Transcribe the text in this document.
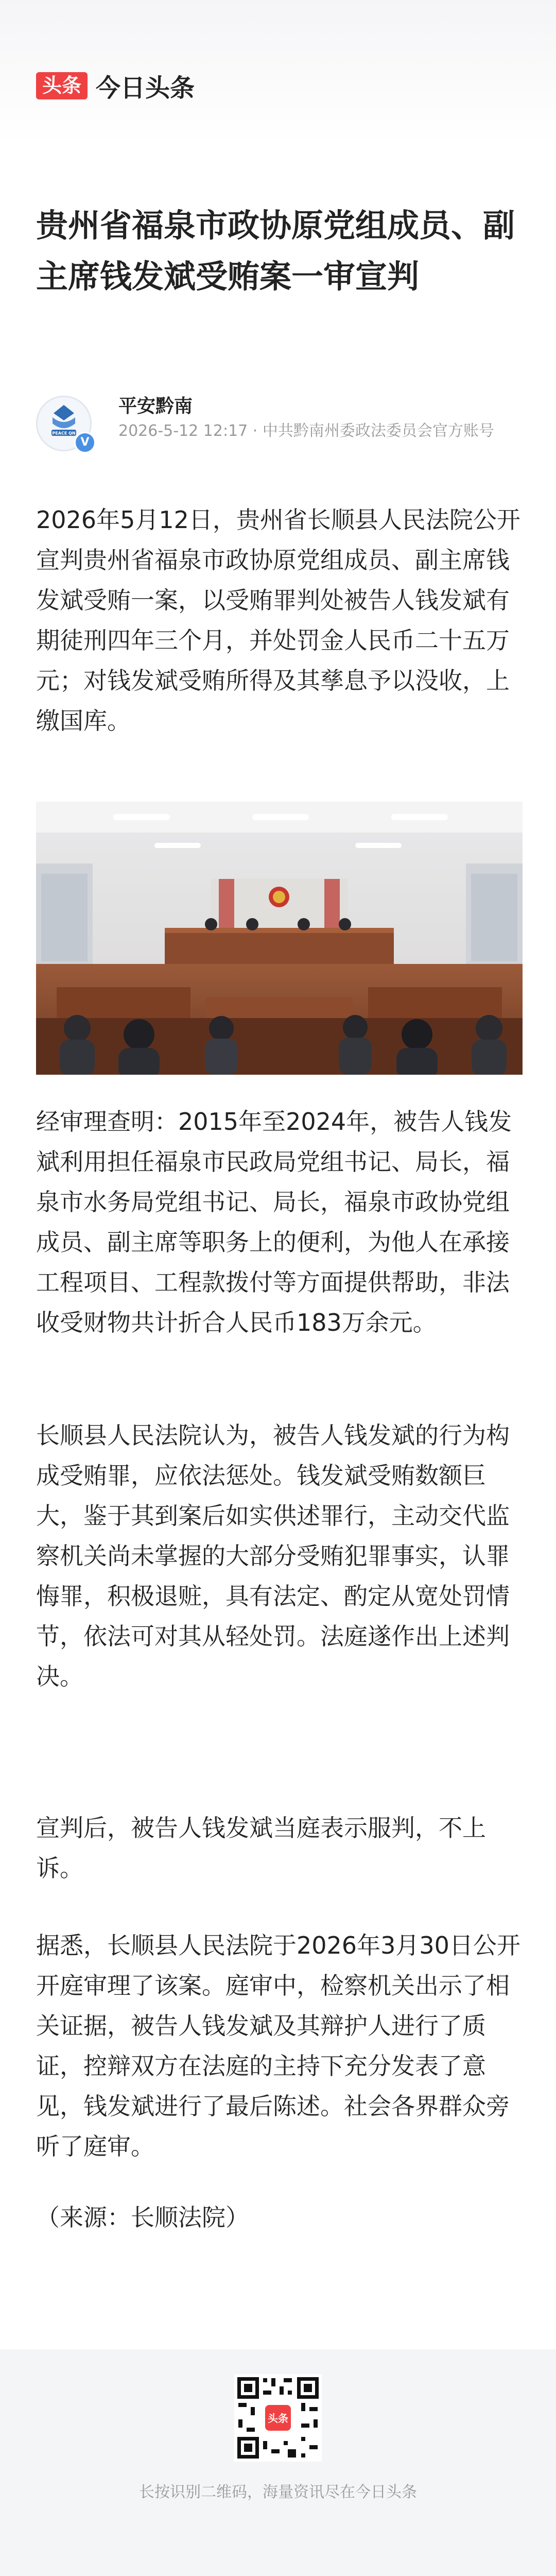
头条 今日头条
贵州省福泉市政协原党组成员、副主席钱发斌受贿案一审宣判
PEACE QN
V
平安黔南
2026-5-12 12:17 · 中共黔南州委政法委员会官方账号

2026年5月12日，贵州省长顺县人民法院公开宣判贵州省福泉市政协原党组成员、副主席钱发斌受贿一案，以受贿罪判处被告人钱发斌有期徒刑四年三个月，并处罚金人民币二十五万元；对钱发斌受贿所得及其孳息予以没收，上缴国库。

经审理查明：2015年至2024年，被告人钱发斌利用担任福泉市民政局党组书记、局长，福泉市水务局党组书记、局长，福泉市政协党组成员、副主席等职务上的便利，为他人在承接工程项目、工程款拨付等方面提供帮助，非法收受财物共计折合人民币183万余元。

长顺县人民法院认为，被告人钱发斌的行为构成受贿罪，应依法惩处。钱发斌受贿数额巨大，鉴于其到案后如实供述罪行，主动交代监察机关尚未掌握的大部分受贿犯罪事实，认罪悔罪，积极退赃，具有法定、酌定从宽处罚情节，依法可对其从轻处罚。法庭遂作出上述判决。

宣判后，被告人钱发斌当庭表示服判，不上诉。

据悉，长顺县人民法院于2026年3月30日公开开庭审理了该案。庭审中，检察机关出示了相关证据，被告人钱发斌及其辩护人进行了质证，控辩双方在法庭的主持下充分发表了意见，钱发斌进行了最后陈述。社会各界群众旁听了庭审。

（来源：长顺法院）

头条
长按识别二维码，海量资讯尽在今日头条
